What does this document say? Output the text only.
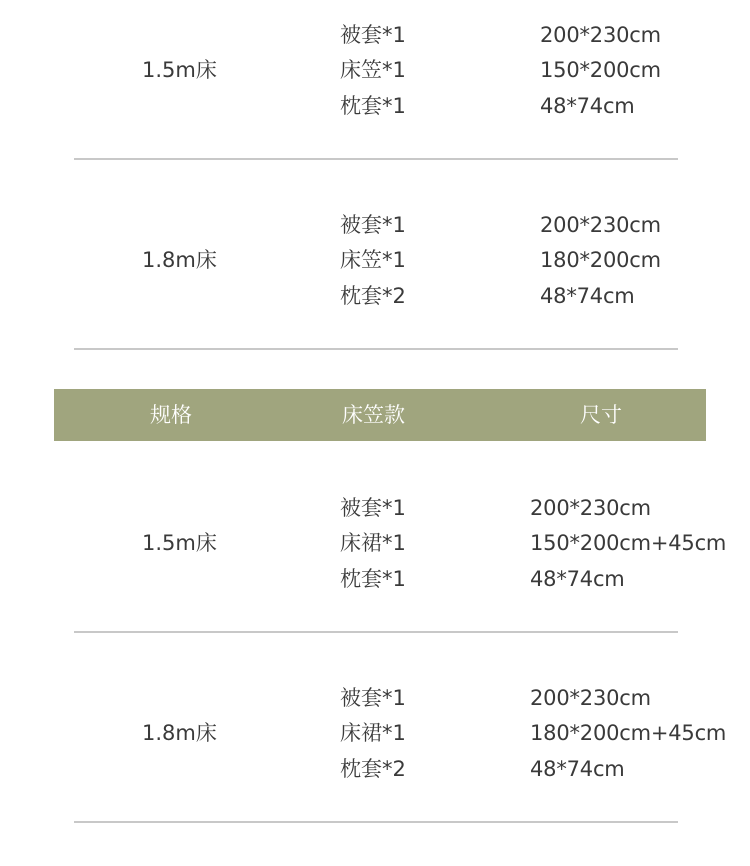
1.5m床
被套*1
床笠*1
枕套*1
200*230cm
150*200cm
48*74cm
1.8m床
被套*1
床笠*1
枕套*2
200*230cm
180*200cm
48*74cm
规格	床笠款	尺寸
1.5m床
被套*1
床裙*1
枕套*1
200*230cm
150*200cm+45cm
48*74cm
1.8m床
被套*1
床裙*1
枕套*2
200*230cm
180*200cm+45cm
48*74cm
